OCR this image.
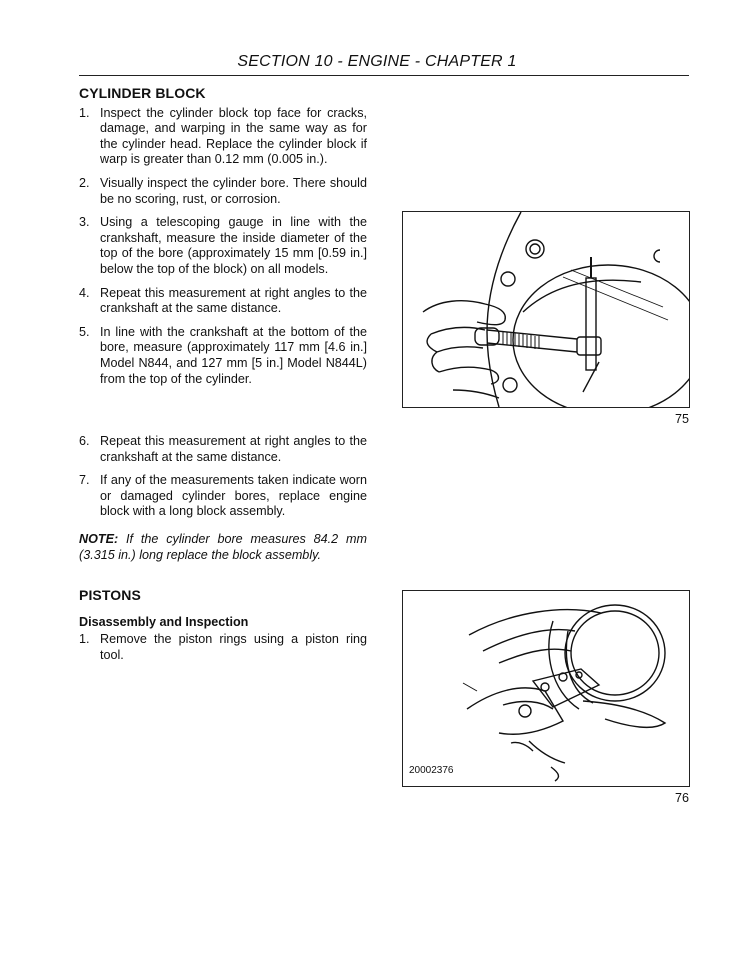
SECTION 10 - ENGINE - CHAPTER 1
CYLINDER BLOCK
1. Inspect the cylinder block top face for cracks, damage, and warping in the same way as for the cylinder head. Replace the cylinder block if warp is greater than 0.12 mm (0.005 in.).
2. Visually inspect the cylinder bore. There should be no scoring, rust, or corrosion.
3. Using a telescoping gauge in line with the crankshaft, measure the inside diameter of the top of the bore (approximately 15 mm [0.59 in.] below the top of the block) on all models.
4. Repeat this measurement at right angles to the crankshaft at the same distance.
5. In line with the crankshaft at the bottom of the bore, measure (approximately 117 mm [4.6 in.] Model N844, and 127 mm [5 in.] Model N844L) from the top of the cylinder.
6. Repeat this measurement at right angles to the crankshaft at the same distance.
7. If any of the measurements taken indicate worn or damaged cylinder bores, replace engine block with a long block assembly.
NOTE: If the cylinder bore measures 84.2 mm (3.315 in.) long replace the block assembly.
PISTONS
Disassembly and Inspection
1. Remove the piston rings using a piston ring tool.
75
20002376
76
